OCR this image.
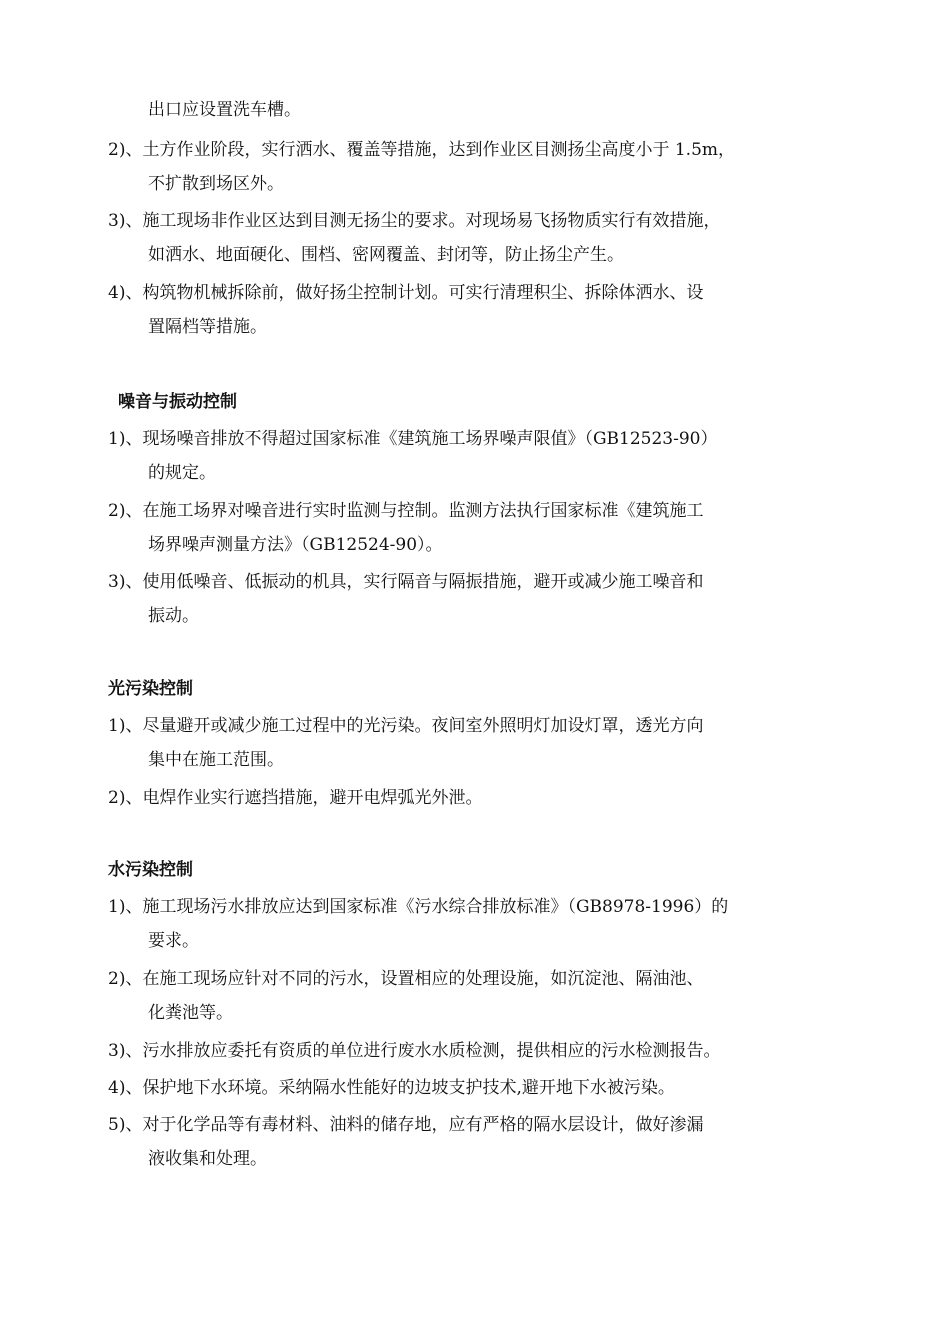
出口应设置洗车槽。
2)、土方作业阶段，实行洒水、覆盖等措施，达到作业区目测扬尘高度小于 1.5m，
不扩散到场区外。
3)、施工现场非作业区达到目测无扬尘的要求。对现场易飞扬物质实行有效措施，
如洒水、地面硬化、围档、密网覆盖、封闭等，防止扬尘产生。
4)、构筑物机械拆除前，做好扬尘控制计划。可实行清理积尘、拆除体洒水、设
置隔档等措施。
噪音与振动控制
1)、现场噪音排放不得超过国家标准《建筑施工场界噪声限值》（GB12523-90）
的规定。
2)、在施工场界对噪音进行实时监测与控制。监测方法执行国家标准《建筑施工
场界噪声测量方法》（GB12524-90）。
3)、使用低噪音、低振动的机具，实行隔音与隔振措施，避开或减少施工噪音和
振动。
光污染控制
1)、尽量避开或减少施工过程中的光污染。夜间室外照明灯加设灯罩，透光方向
集中在施工范围。
2)、电焊作业实行遮挡措施，避开电焊弧光外泄。
水污染控制
1)、施工现场污水排放应达到国家标准《污水综合排放标准》（GB8978-1996）的
要求。
2)、在施工现场应针对不同的污水，设置相应的处理设施，如沉淀池、隔油池、
化粪池等。
3)、污水排放应委托有资质的单位进行废水水质检测，提供相应的污水检测报告。
4)、保护地下水环境。采纳隔水性能好的边坡支护技术,避开地下水被污染。
5)、对于化学品等有毒材料、油料的储存地，应有严格的隔水层设计，做好渗漏
液收集和处理。
